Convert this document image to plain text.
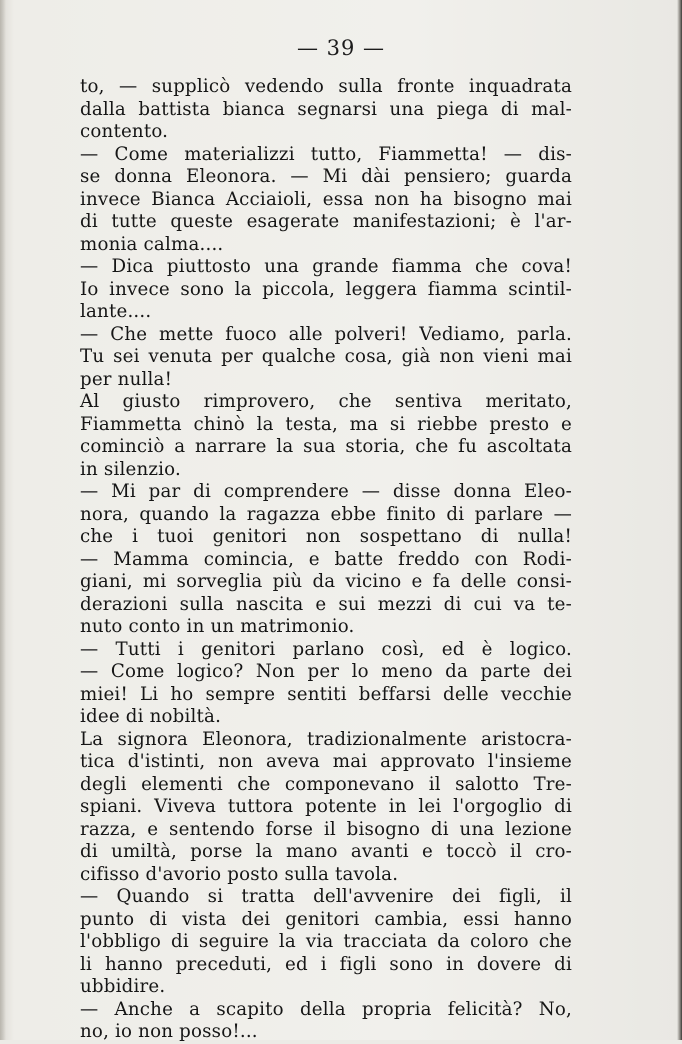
— 39 —
to, — supplicò vedendo sulla fronte inquadrata
dalla battista bianca segnarsi una piega di mal-
contento.
— Come materializzi tutto, Fiammetta! — dis-
se donna Eleonora. — Mi dài pensiero; guarda
invece Bianca Acciaioli, essa non ha bisogno mai
di tutte queste esagerate manifestazioni; è l'ar-
monia calma....
— Dica piuttosto una grande fiamma che cova!
Io invece sono la piccola, leggera fiamma scintil-
lante....
— Che mette fuoco alle polveri! Vediamo, parla.
Tu sei venuta per qualche cosa, già non vieni mai
per nulla!
Al giusto rimprovero, che sentiva meritato,
Fiammetta chinò la testa, ma si riebbe presto e
cominciò a narrare la sua storia, che fu ascoltata
in silenzio.
— Mi par di comprendere — disse donna Eleo-
nora, quando la ragazza ebbe finito di parlare —
che i tuoi genitori non sospettano di nulla!
— Mamma comincia, e batte freddo con Rodi-
giani, mi sorveglia più da vicino e fa delle consi-
derazioni sulla nascita e sui mezzi di cui va te-
nuto conto in un matrimonio.
— Tutti i genitori parlano così, ed è logico.
— Come logico? Non per lo meno da parte dei
miei! Li ho sempre sentiti beffarsi delle vecchie
idee di nobiltà.
La signora Eleonora, tradizionalmente aristocra-
tica d'istinti, non aveva mai approvato l'insieme
degli elementi che componevano il salotto Tre-
spiani. Viveva tuttora potente in lei l'orgoglio di
razza, e sentendo forse il bisogno di una lezione
di umiltà, porse la mano avanti e toccò il cro-
cifisso d'avorio posto sulla tavola.
— Quando si tratta dell'avvenire dei figli, il
punto di vista dei genitori cambia, essi hanno
l'obbligo di seguire la via tracciata da coloro che
li hanno preceduti, ed i figli sono in dovere di
ubbidire.
— Anche a scapito della propria felicità? No,
no, io non posso!...
